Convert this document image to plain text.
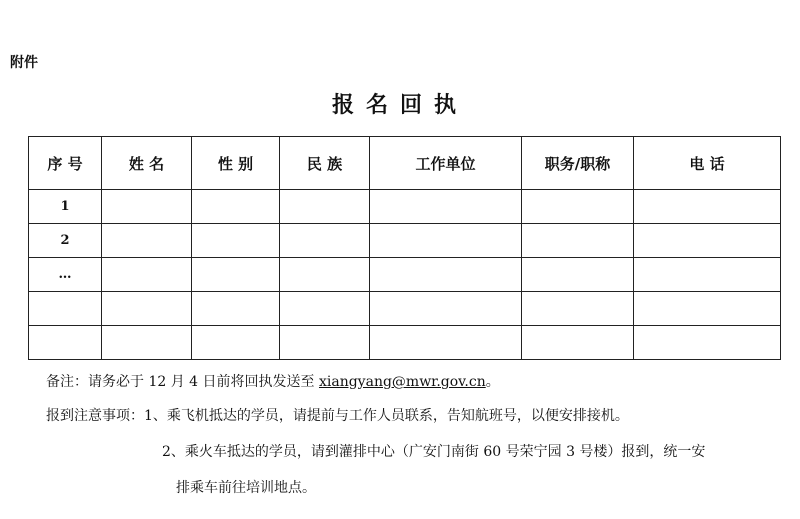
附件
报名回执
序 号	姓 名	性 别	民 族	工作单位	职务/职称	电 话
1						
2						
…						

备注：请务必于 12 月 4 日前将回执发送至 xiangyang@mwr.gov.cn。
报到注意事项：1、乘飞机抵达的学员，请提前与工作人员联系，告知航班号，以便安排接机。
2、乘火车抵达的学员，请到灌排中心（广安门南街 60 号荣宁园 3 号楼）报到，统一安
排乘车前往培训地点。
